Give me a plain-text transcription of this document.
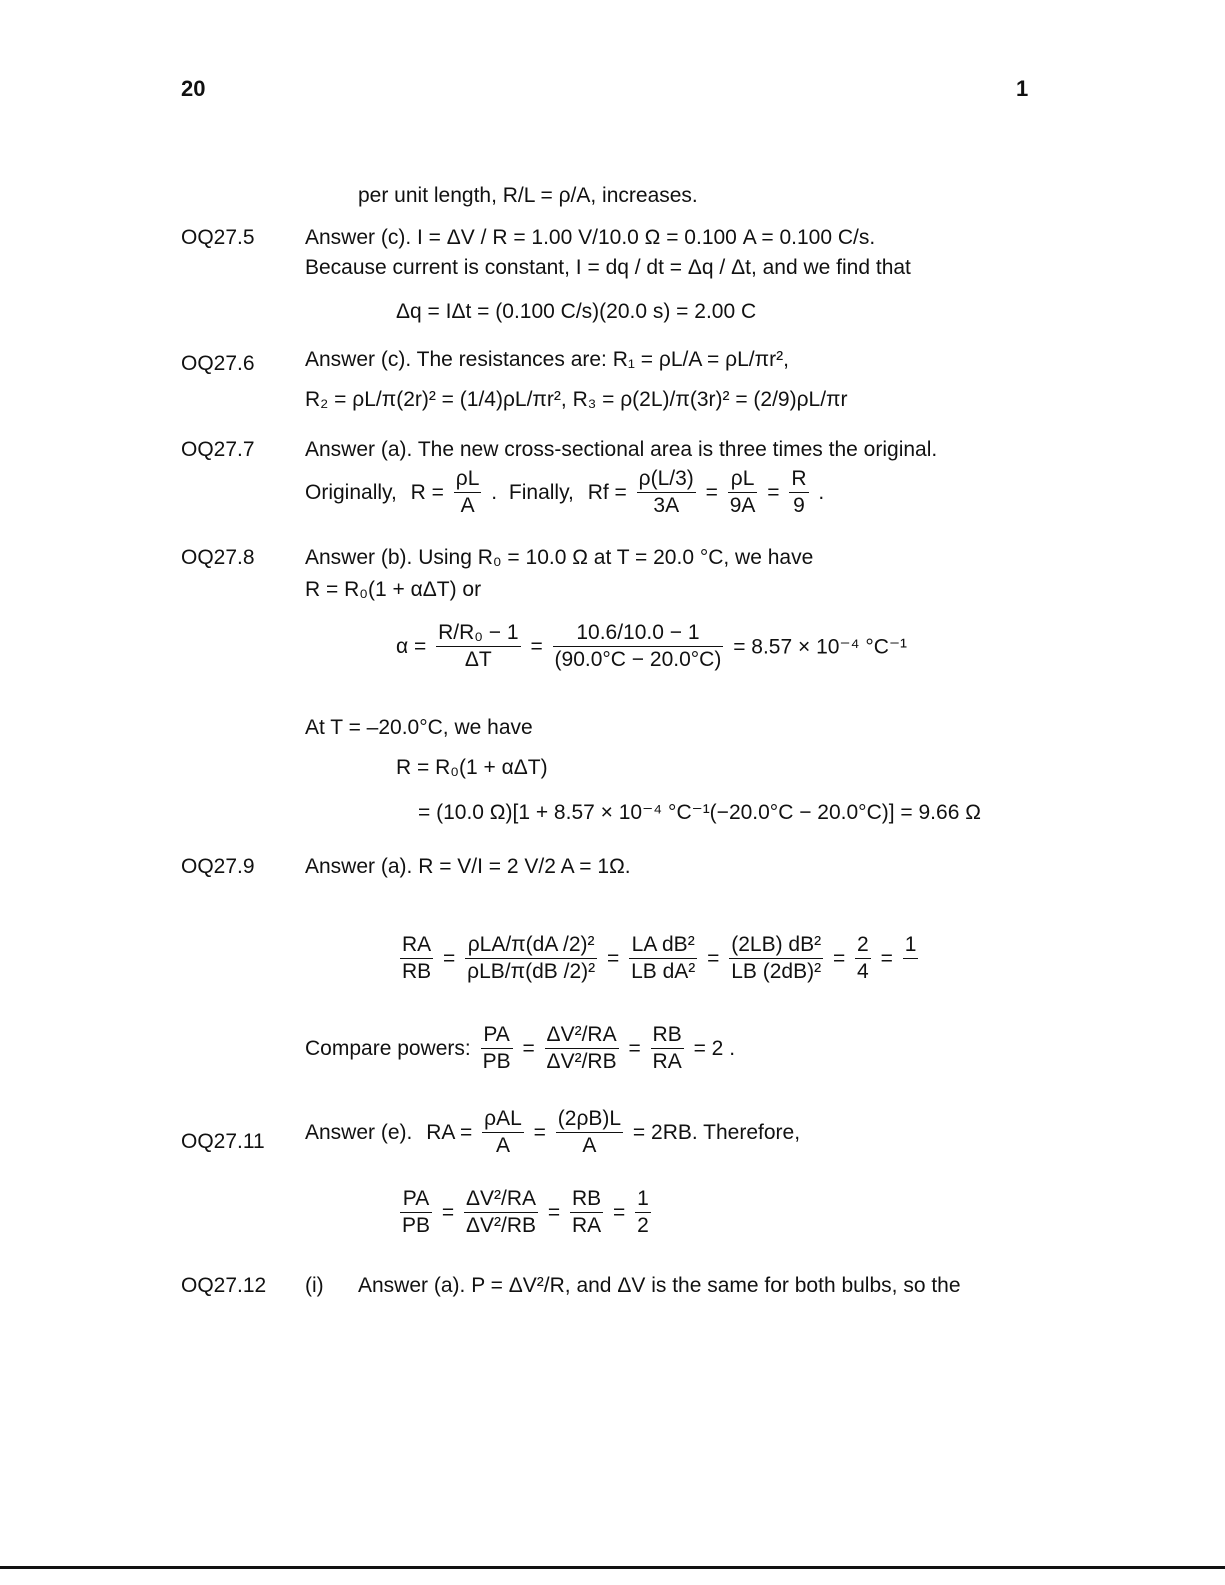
20	1
per unit length, R/L = ρ/A, increases.
OQ27.5 Answer (c). I = ΔV / R = 1.00 V/10.0 Ω = 0.100 A = 0.100 C/s.
Because current is constant, I = dq / dt = Δq / Δt, and we find that
Δq = IΔt = (0.100 C/s)(20.0 s) = 2.00 C
OQ27.6 Answer (c). The resistances are: R₁ = ρL/A = ρL/πr²,
R₂ = ρL/π(2r)² = (1/4)ρL/πr², R₃ = ρ(2L)/π(3r)² = (2/9)ρL/πr
OQ27.7 Answer (a). The new cross-sectional area is three times the original.
Originally, $R = \frac{\rho L}{A}$ . Finally, $Rf = \frac{\rho(L/3)}{3A} = \frac{\rho L}{9A} = \frac{R}{9}$ .
OQ27.8 Answer (b). Using R₀ = 10.0 Ω at T = 20.0 °C, we have
R = R₀(1 + αΔT) or
$\alpha = \frac{\text{R/R₀ − 1}}{\Delta T} = \frac{10.6/10.0 - 1}{(90.0^\circ C - 20.0^\circ C)} = 8.57 \times 10^{-4}$ °C⁻¹
At T = –20.0°C, we have
R = R₀(1 + αΔT)
= (10.0 Ω)[1 + 8.57 × 10⁻⁴ °C⁻¹(−20.0°C − 20.0°C)] = 9.66 Ω
OQ27.9 Answer (a). R = V/I = 2 V/2 A = 1Ω.
$\frac{RA}{RB} = \frac{\text{ρLA/π(dA /2)²}}{\text{ρLB/π(dB /2)²}} = \frac{\text{LA dB²}}{\text{LB dA²}} = \frac{\text{(2LB) dB²}}{\text{LB (2dB)²}} = \frac{2}{4}$ =
1

Compare powers: $\frac{PA}{PB} = \frac{\text{ΔV²/RA}}{\text{ΔV²/RB}} = \frac{RB}{RA} = 2$ .
OQ27.11 Answer (e). RA = $\frac{\text{ρAL}}{A} = \frac{(2\rho B)L}{A} = 2RB$. Therefore,
$\frac{PA}{PB} = \frac{\text{ΔV²/RA}}{\text{ΔV²/RB}} = \frac{RB}{RA} = \frac{1}{2}$
OQ27.12 (i) Answer (a). P = ΔV²/R, and ΔV is the same for both bulbs, so the
